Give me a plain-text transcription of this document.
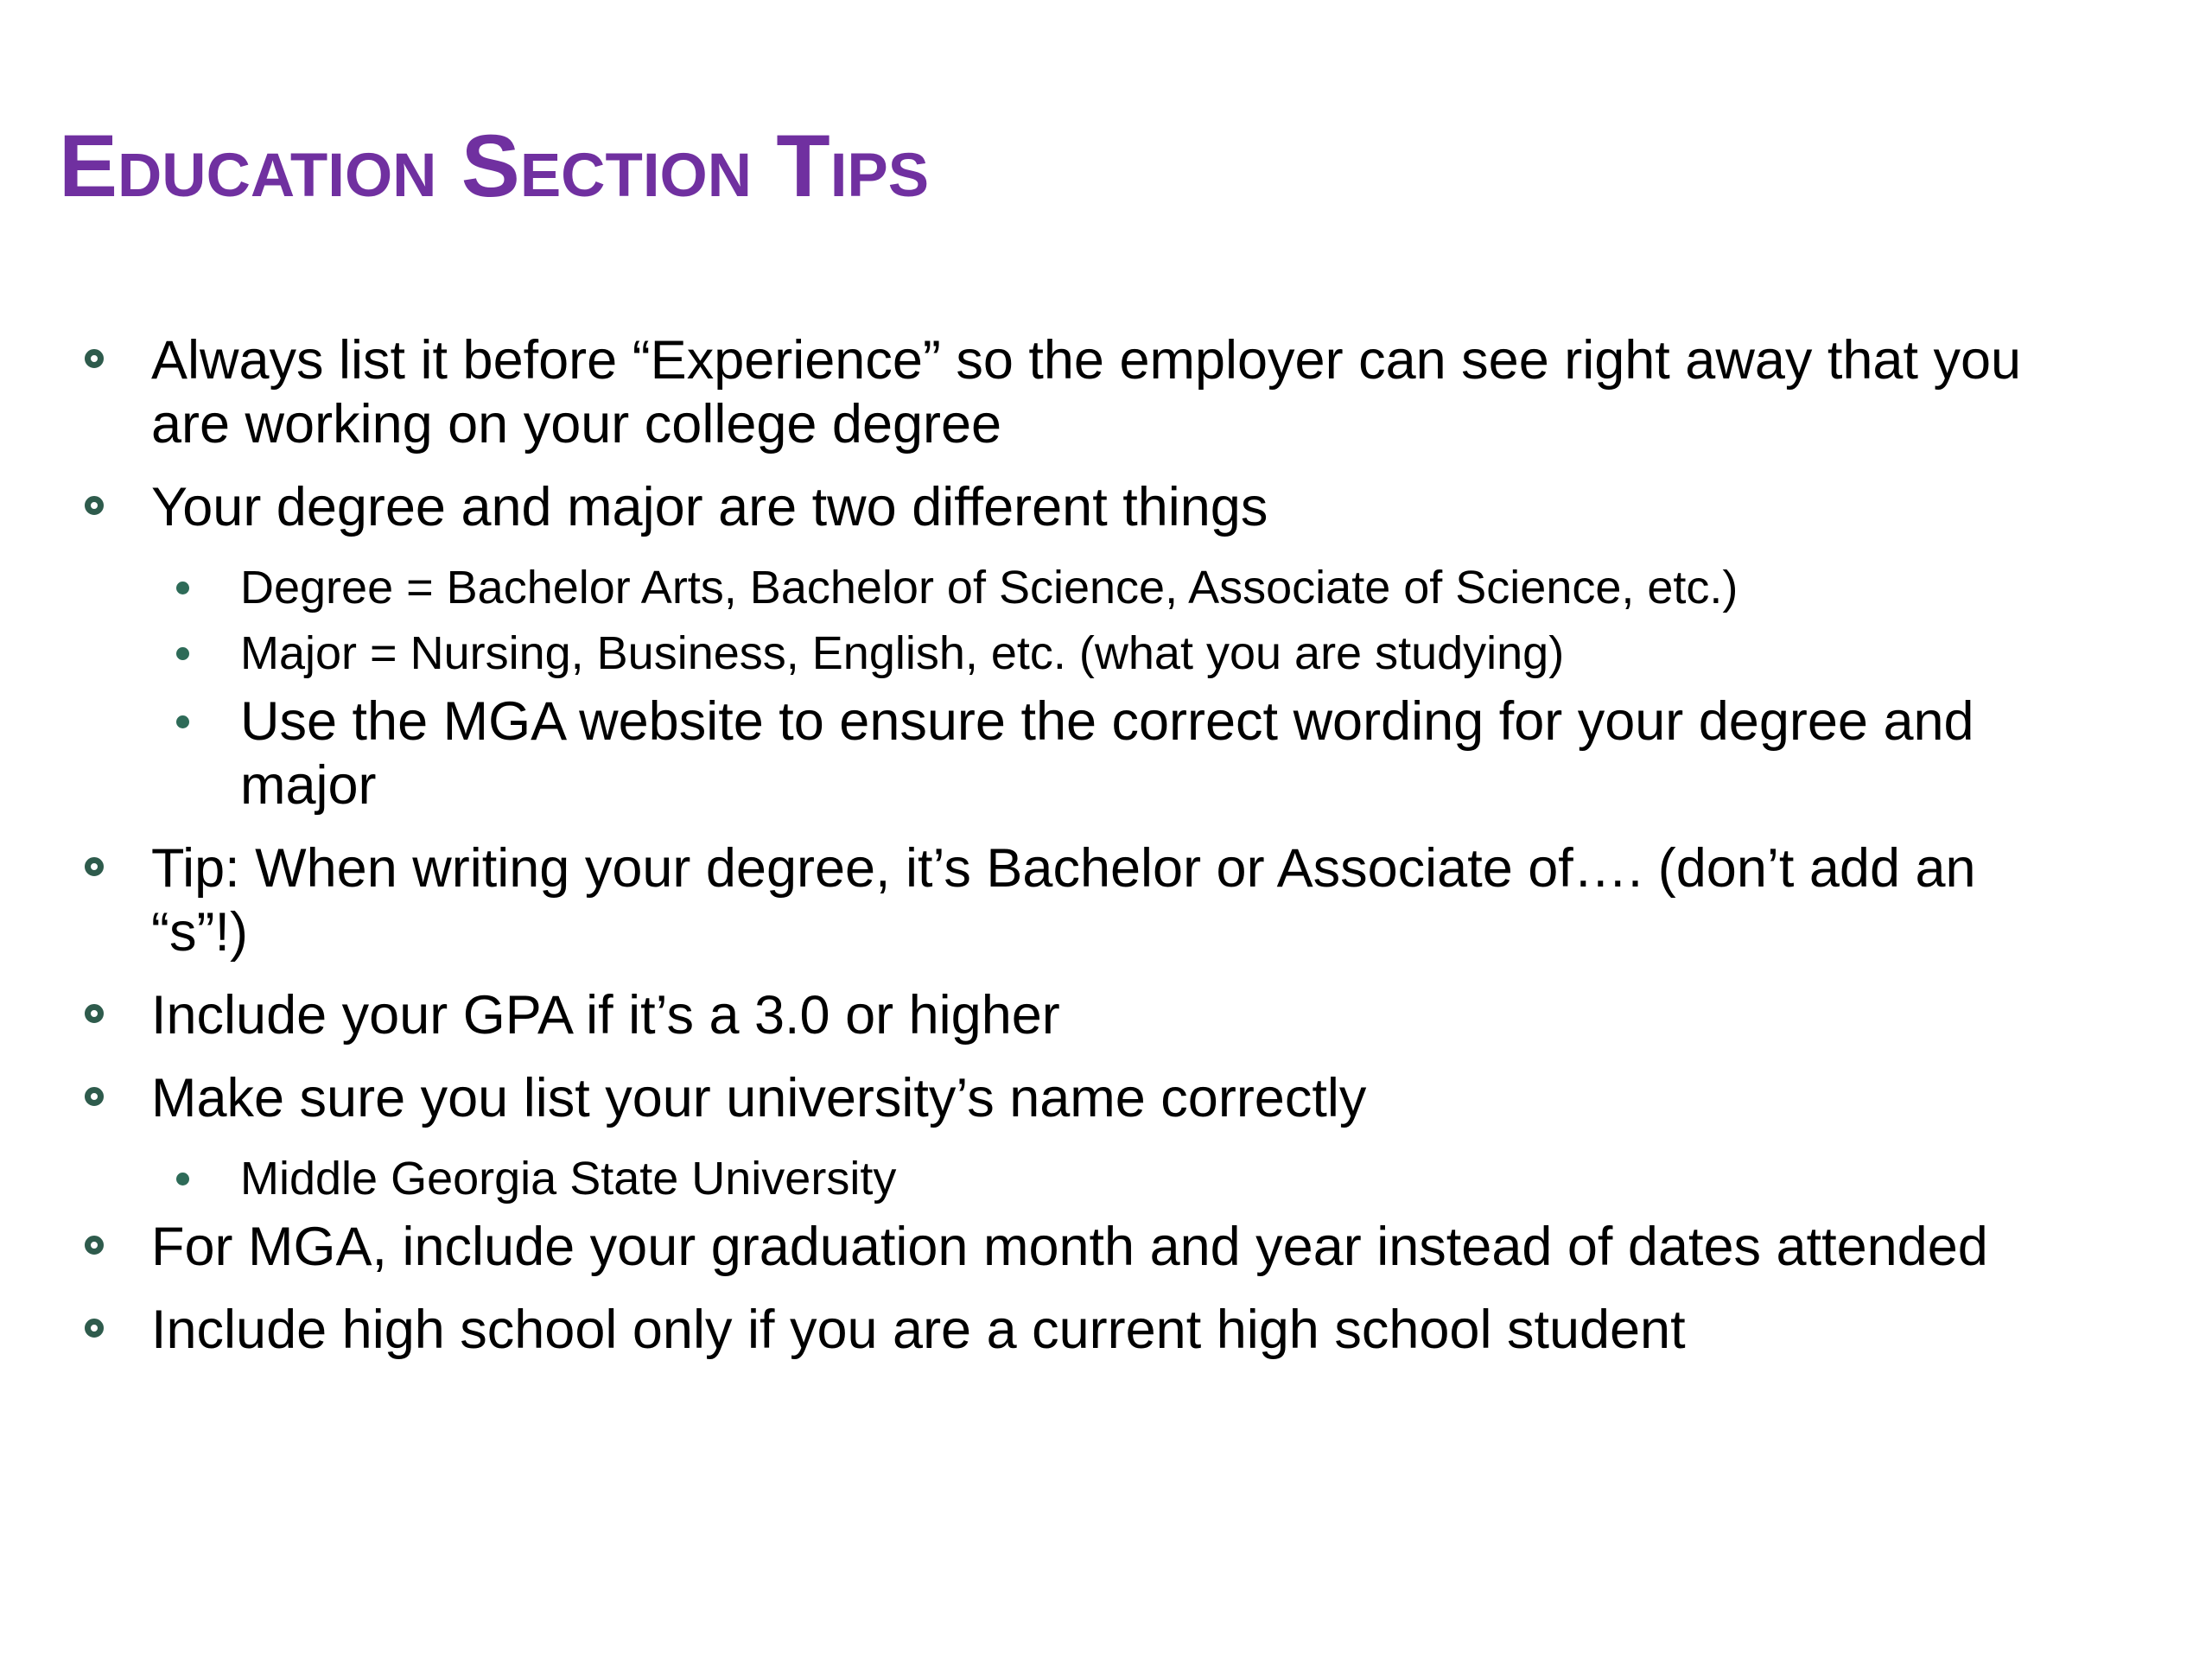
Education Section Tips
Always list it before “Experience” so the employer can see right away that you are working on your college degree
Your degree and major are two different things
Degree = Bachelor Arts, Bachelor of Science, Associate of Science, etc.)
Major = Nursing, Business, English, etc. (what you are studying)
Use the MGA website to ensure the correct wording for your degree and major
Tip: When writing your degree, it’s Bachelor or Associate of…. (don’t add an “s”!)
Include your GPA if it’s a 3.0 or higher
Make sure you list your university’s name correctly
Middle Georgia State University
For MGA, include your graduation month and year instead of dates attended
Include high school only if you are a current high school student
